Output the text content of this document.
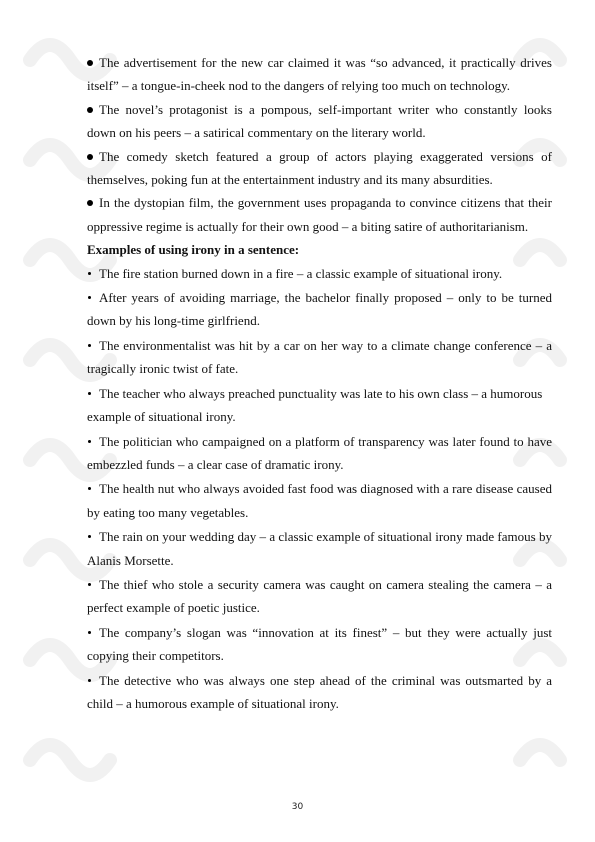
The advertisement for the new car claimed it was “so advanced, it practically drives itself” – a tongue-in-cheek nod to the dangers of relying too much on technology.

The novel’s protagonist is a pompous, self-important writer who constantly looks down on his peers – a satirical commentary on the literary world.

The comedy sketch featured a group of actors playing exaggerated versions of themselves, poking fun at the entertainment industry and its many absurdities.

In the dystopian film, the government uses propaganda to convince citizens that their oppressive regime is actually for their own good – a biting satire of authoritarianism.

Examples of using irony in a sentence:

The fire station burned down in a fire – a classic example of situational irony.

After years of avoiding marriage, the bachelor finally proposed – only to be turned down by his long-time girlfriend.

The environmentalist was hit by a car on her way to a climate change conference – a tragically ironic twist of fate.

The teacher who always preached punctuality was late to his own class – a humorous example of situational irony.

The politician who campaigned on a platform of transparency was later found to have embezzled funds – a clear case of dramatic irony.

The health nut who always avoided fast food was diagnosed with a rare disease caused by eating too many vegetables.

The rain on your wedding day – a classic example of situational irony made famous by Alanis Morsette.

The thief who stole a security camera was caught on camera stealing the camera – a perfect example of poetic justice.

The company’s slogan was “innovation at its finest” – but they were actually just copying their competitors.

The detective who was always one step ahead of the criminal was outsmarted by a child – a humorous example of situational irony.

30
